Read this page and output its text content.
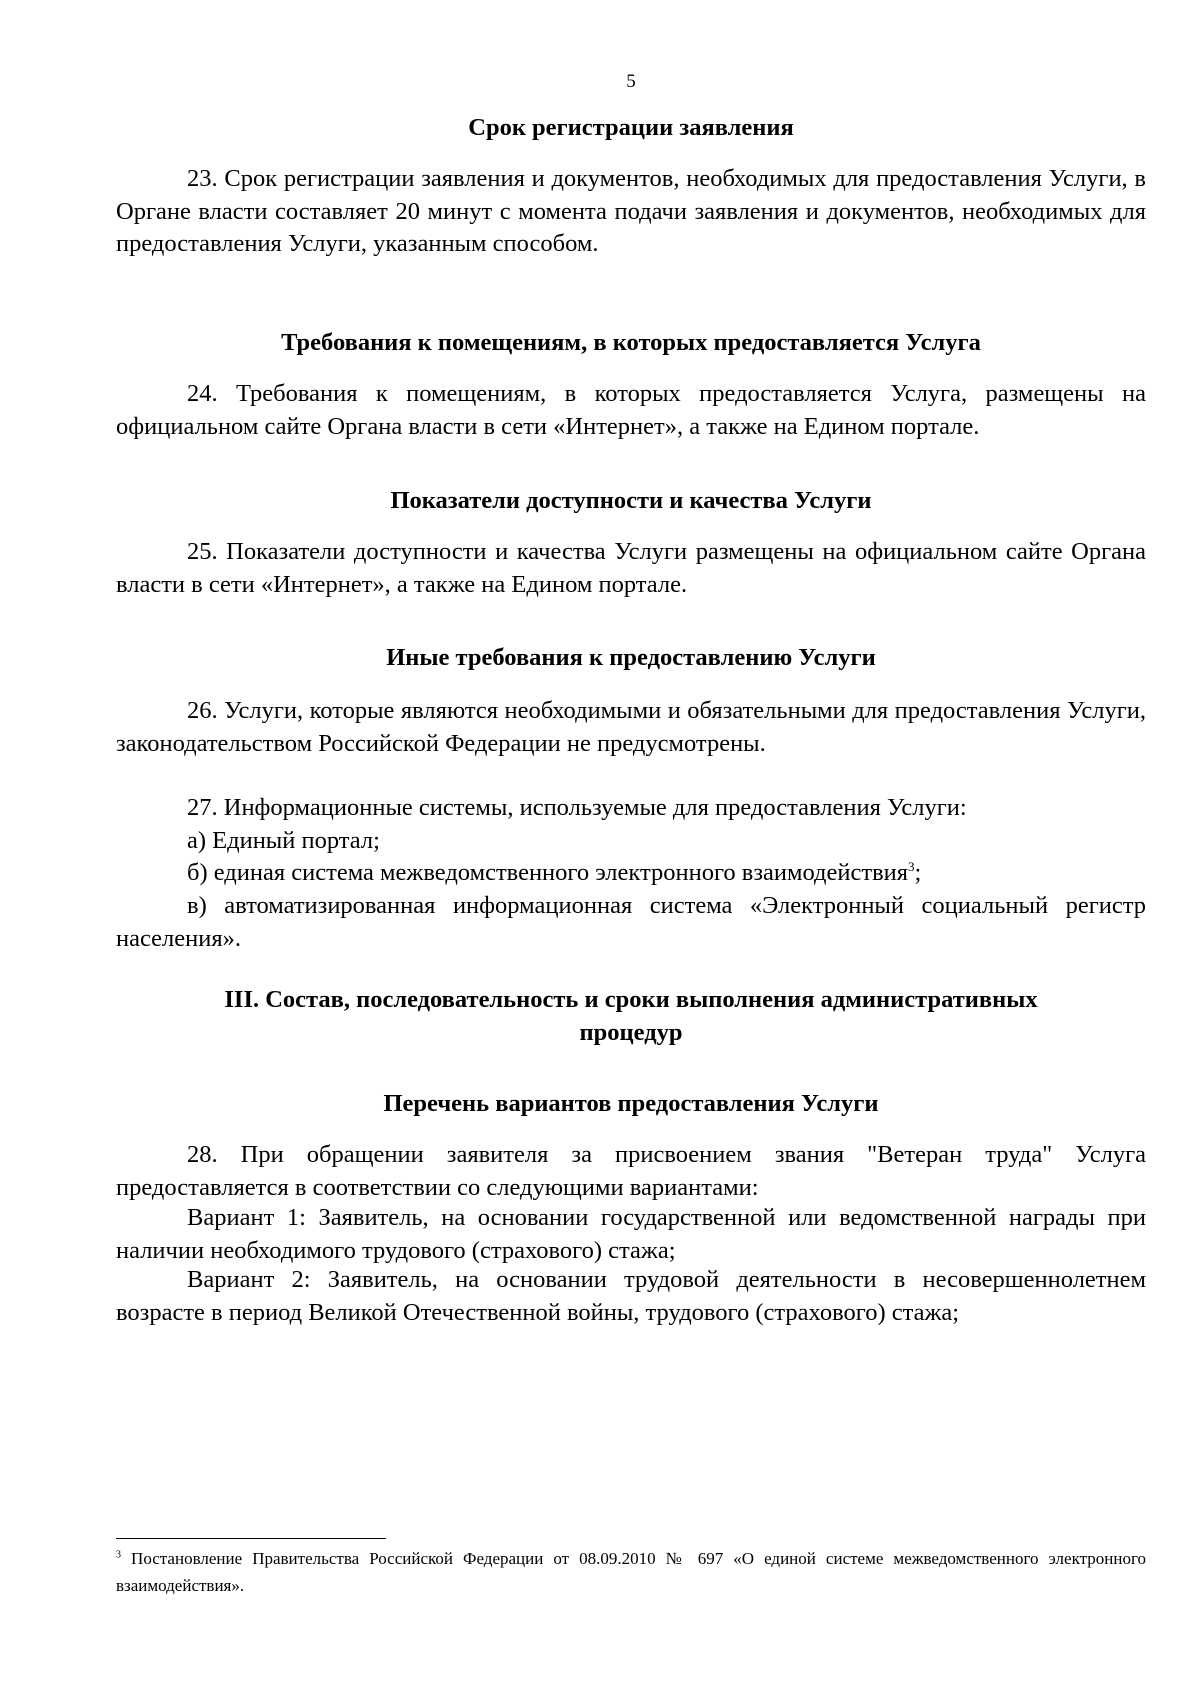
5
Срок регистрации заявления

23. Срок регистрации заявления и документов, необходимых для предоставления Услуги, в Органе власти составляет 20 минут с момента подачи заявления и документов, необходимых для предоставления Услуги, указанным способом.

Требования к помещениям, в которых предоставляется Услуга

24. Требования к помещениям, в которых предоставляется Услуга, размещены на официальном сайте Органа власти в сети «Интернет», а также на Едином портале.

Показатели доступности и качества Услуги

25. Показатели доступности и качества Услуги размещены на официальном сайте Органа власти в сети «Интернет», а также на Едином портале.

Иные требования к предоставлению Услуги

26. Услуги, которые являются необходимыми и обязательными для предоставления Услуги, законодательством Российской Федерации не предусмотрены.

27. Информационные системы, используемые для предоставления Услуги:

а) Единый портал;

б) единая система межведомственного электронного взаимодействия$^3$;

в) автоматизированная информационная система «Электронный социальный регистр населения».

III. Состав, последовательность и сроки выполнения административных
процедур
Перечень вариантов предоставления Услуги

28. При обращении заявителя за присвоением звания "Ветеран труда" Услуга предоставляется в соответствии со следующими вариантами:

Вариант 1: Заявитель, на основании государственной или ведомственной награды при наличии необходимого трудового (страхового) стажа;

Вариант 2: Заявитель, на основании трудовой деятельности в несовершеннолетнем возрасте в период Великой Отечественной войны, трудового (страхового) стажа;

$^3$ Постановление Правительства Российской Федерации от 08.09.2010 № 697 «О единой системе межведомственного электронного взаимодействия».
